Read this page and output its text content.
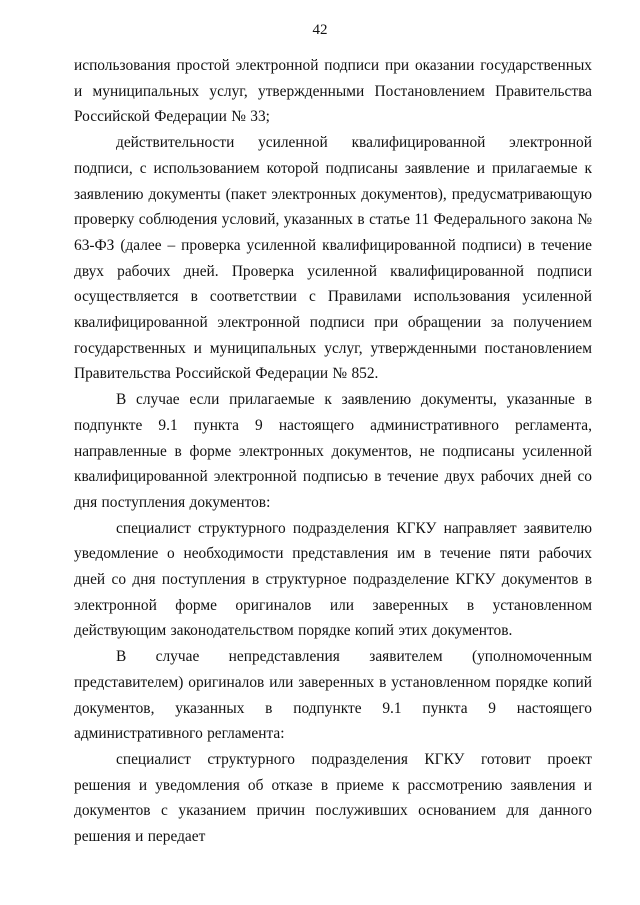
42

использования простой электронной подписи при оказании государственных и муниципальных услуг, утвержденными Постановлением Правительства Российской Федерации № 33;

действительности усиленной квалифицированной электронной подписи, с использованием которой подписаны заявление и прилагаемые к заявлению документы (пакет электронных документов), предусматривающую проверку соблюдения условий, указанных в статье 11 Федерального закона № 63-ФЗ (далее – проверка усиленной квалифицированной подписи) в течение двух рабочих дней. Проверка усиленной квалифицированной подписи осуществляется в соответствии с Правилами использования усиленной квалифицированной электронной подписи при обращении за получением государственных и муниципальных услуг, утвержденными постановлением Правительства Российской Федерации № 852.

В случае если прилагаемые к заявлению документы, указанные в подпункте 9.1 пункта 9 настоящего административного регламента, направленные в форме электронных документов, не подписаны усиленной квалифицированной электронной подписью в течение двух рабочих дней со дня поступления документов:

специалист структурного подразделения КГКУ направляет заявителю уведомление о необходимости представления им в течение пяти рабочих дней со дня поступления в структурное подразделение КГКУ документов в электронной форме оригиналов или заверенных в установленном действующим законодательством порядке копий этих документов.

В случае непредставления заявителем (уполномоченным представителем) оригиналов или заверенных в установленном порядке копий документов, указанных в подпункте 9.1 пункта 9 настоящего административного регламента:

специалист структурного подразделения КГКУ готовит проект решения и уведомления об отказе в приеме к рассмотрению заявления и документов с указанием причин послуживших основанием для данного решения и передает
